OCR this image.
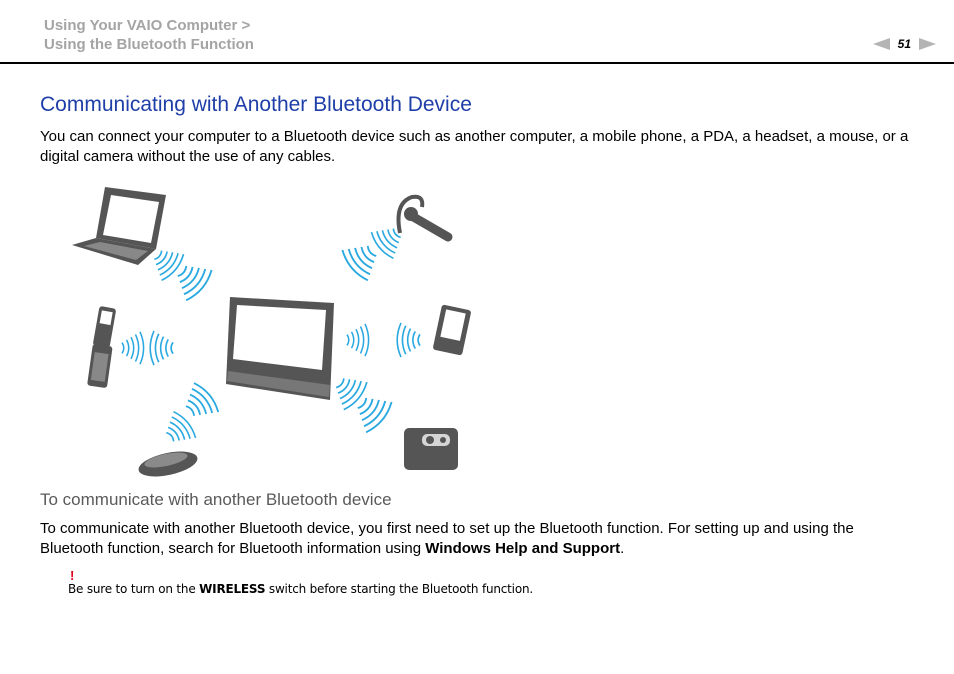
Using Your VAIO Computer >
Using the Bluetooth Function	51
Communicating with Another Bluetooth Device

You can connect your computer to a Bluetooth device such as another computer, a mobile phone, a PDA, a headset, a mouse, or a digital camera without the use of any cables.

To communicate with another Bluetooth device

To communicate with another Bluetooth device, you first need to set up the Bluetooth function. For setting up and using the Bluetooth function, search for Bluetooth information using Windows Help and Support.

!
Be sure to turn on the WIRELESS switch before starting the Bluetooth function.
